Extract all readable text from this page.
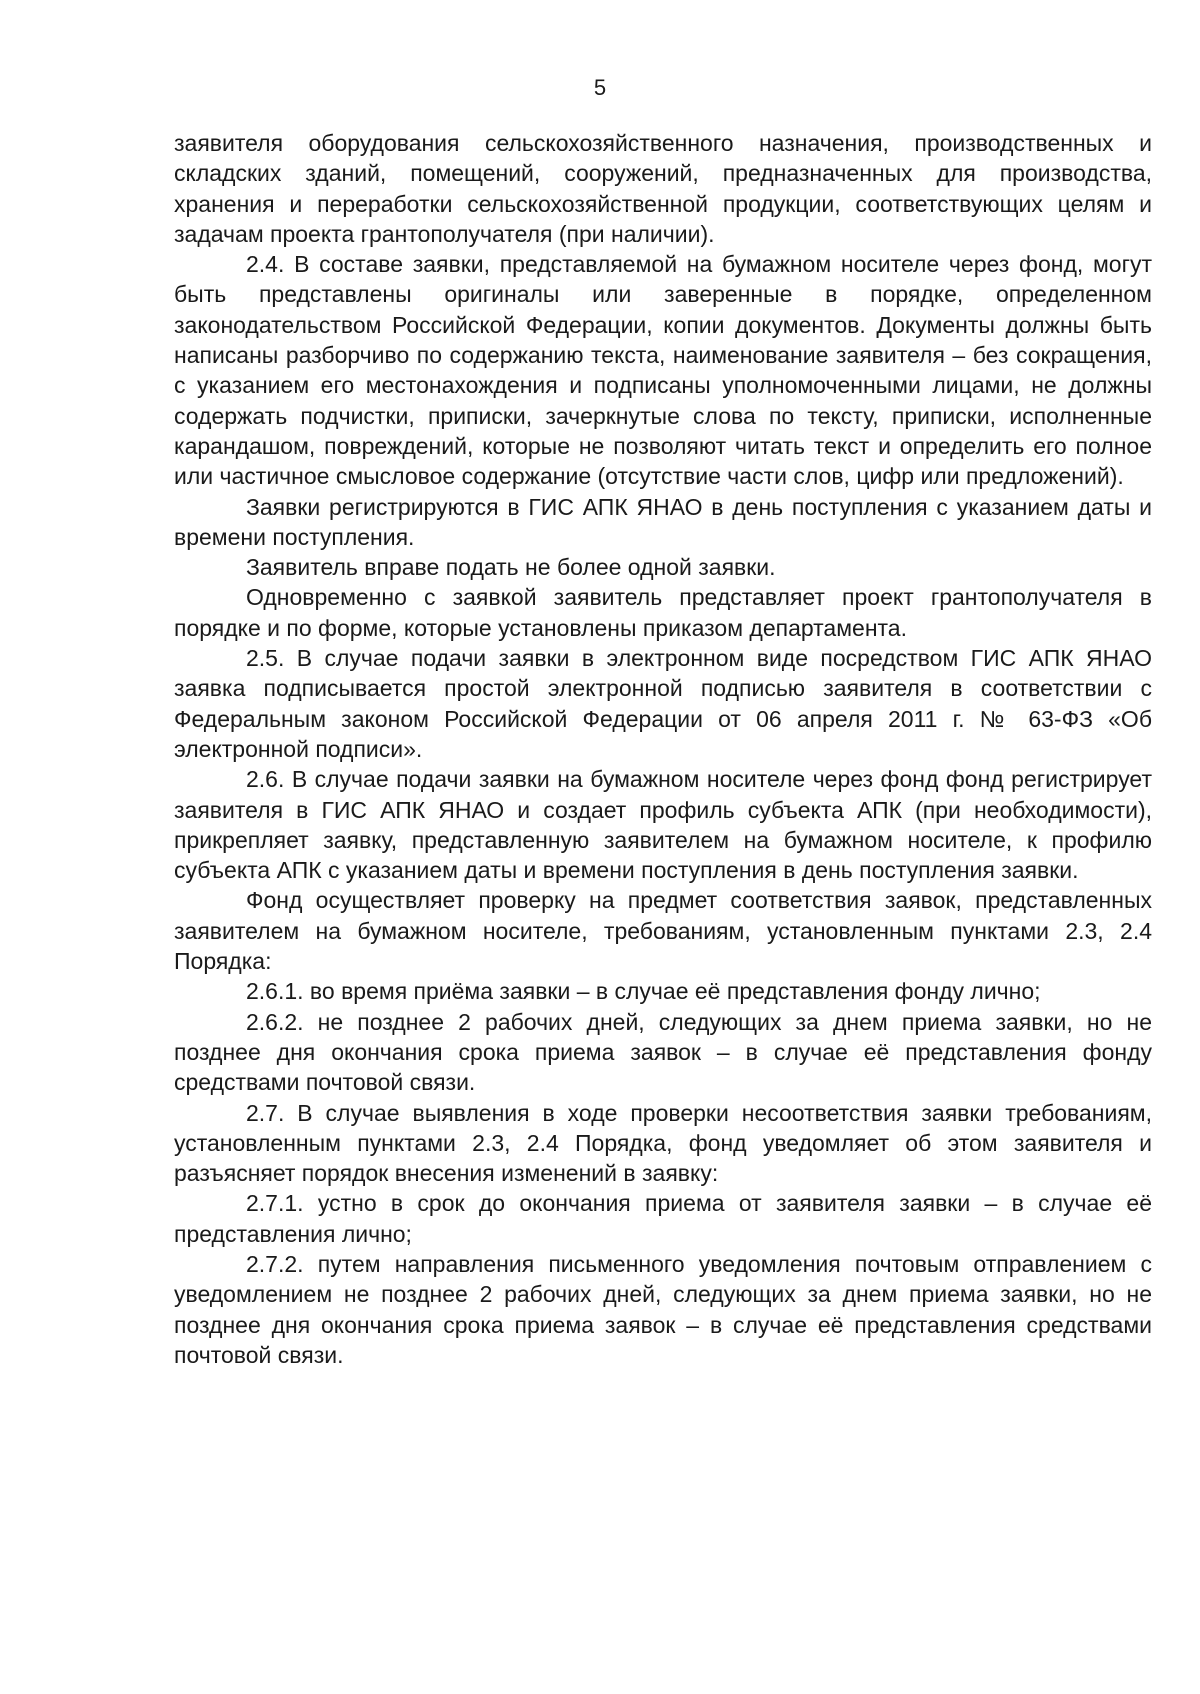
5

заявителя оборудования сельскохозяйственного назначения, производственных и складских зданий, помещений, сооружений, предназначенных для производства, хранения и переработки сельскохозяйственной продукции, соответствующих целям и задачам проекта грантополучателя (при наличии).

2.4. В составе заявки, представляемой на бумажном носителе через фонд, могут быть представлены оригиналы или заверенные в порядке, определенном законодательством Российской Федерации, копии документов. Документы должны быть написаны разборчиво по содержанию текста, наименование заявителя – без сокращения, с указанием его местонахождения и подписаны уполномоченными лицами, не должны содержать подчистки, приписки, зачеркнутые слова по тексту, приписки, исполненные карандашом, повреждений, которые не позволяют читать текст и определить его полное или частичное смысловое содержание (отсутствие части слов, цифр или предложений).

Заявки регистрируются в ГИС АПК ЯНАО в день поступления с указанием даты и времени поступления.

Заявитель вправе подать не более одной заявки.

Одновременно с заявкой заявитель представляет проект грантополучателя в порядке и по форме, которые установлены приказом департамента.

2.5. В случае подачи заявки в электронном виде посредством ГИС АПК ЯНАО заявка подписывается простой электронной подписью заявителя в соответствии с Федеральным законом Российской Федерации от 06 апреля 2011 г. № 63-ФЗ «Об электронной подписи».

2.6. В случае подачи заявки на бумажном носителе через фонд фонд регистрирует заявителя в ГИС АПК ЯНАО и создает профиль субъекта АПК (при необходимости), прикрепляет заявку, представленную заявителем на бумажном носителе, к профилю субъекта АПК с указанием даты и времени поступления в день поступления заявки.

Фонд осуществляет проверку на предмет соответствия заявок, представленных заявителем на бумажном носителе, требованиям, установленным пунктами 2.3, 2.4 Порядка:

2.6.1. во время приёма заявки – в случае её представления фонду лично;

2.6.2. не позднее 2 рабочих дней, следующих за днем приема заявки, но не позднее дня окончания срока приема заявок – в случае её представления фонду средствами почтовой связи.

2.7. В случае выявления в ходе проверки несоответствия заявки требованиям, установленным пунктами 2.3, 2.4 Порядка, фонд уведомляет об этом заявителя и разъясняет порядок внесения изменений в заявку:

2.7.1. устно в срок до окончания приема от заявителя заявки – в случае её представления лично;

2.7.2. путем направления письменного уведомления почтовым отправлением с уведомлением не позднее 2 рабочих дней, следующих за днем приема заявки, но не позднее дня окончания срока приема заявок – в случае её представления средствами почтовой связи.
